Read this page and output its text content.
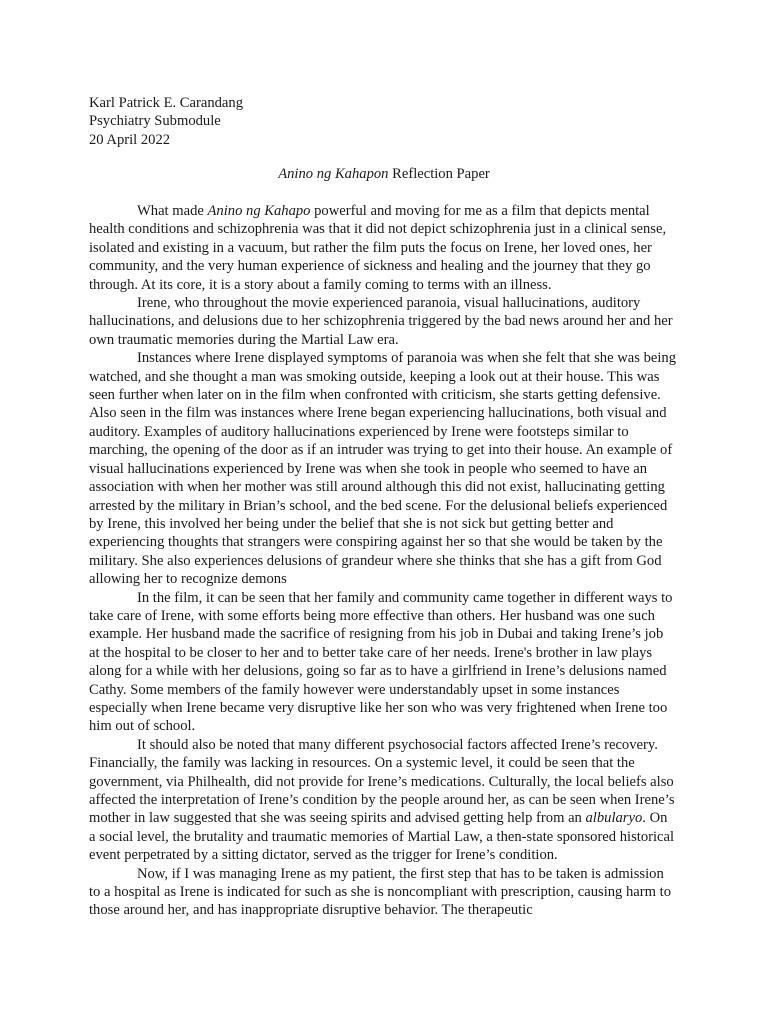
Karl Patrick E. Carandang
Psychiatry Submodule
20 April 2022
Anino ng Kahapon Reflection Paper

What made Anino ng Kahapo powerful and moving for me as a film that depicts mental health conditions and schizophrenia was that it did not depict schizophrenia just in a clinical sense, isolated and existing in a vacuum, but rather the film puts the focus on Irene, her loved ones, her community, and the very human experience of sickness and healing and the journey that they go through. At its core, it is a story about a family coming to terms with an illness.

Irene, who throughout the movie experienced paranoia, visual hallucinations, auditory hallucinations, and delusions due to her schizophrenia triggered by the bad news around her and her own traumatic memories during the Martial Law era.

Instances where Irene displayed symptoms of paranoia was when she felt that she was being watched, and she thought a man was smoking outside, keeping a look out at their house. This was seen further when later on in the film when confronted with criticism, she starts getting defensive. Also seen in the film was instances where Irene began experiencing hallucinations, both visual and auditory. Examples of auditory hallucinations experienced by Irene were footsteps similar to marching, the opening of the door as if an intruder was trying to get into their house. An example of visual hallucinations experienced by Irene was when she took in people who seemed to have an association with when her mother was still around although this did not exist, hallucinating getting arrested by the military in Brian’s school, and the bed scene. For the delusional beliefs experienced by Irene, this involved her being under the belief that she is not sick but getting better and experiencing thoughts that strangers were conspiring against her so that she would be taken by the military. She also experiences delusions of grandeur where she thinks that she has a gift from God allowing her to recognize demons

In the film, it can be seen that her family and community came together in different ways to take care of Irene, with some efforts being more effective than others. Her husband was one such example. Her husband made the sacrifice of resigning from his job in Dubai and taking Irene’s job at the hospital to be closer to her and to better take care of her needs. Irene's brother in law plays along for a while with her delusions, going so far as to have a girlfriend in Irene’s delusions named Cathy. Some members of the family however were understandably upset in some instances especially when Irene became very disruptive like her son who was very frightened when Irene too him out of school.

It should also be noted that many different psychosocial factors affected Irene’s recovery. Financially, the family was lacking in resources. On a systemic level, it could be seen that the government, via Philhealth, did not provide for Irene’s medications. Culturally, the local beliefs also affected the interpretation of Irene’s condition by the people around her, as can be seen when Irene’s mother in law suggested that she was seeing spirits and advised getting help from an albularyo. On a social level, the brutality and traumatic memories of Martial Law, a then-state sponsored historical event perpetrated by a sitting dictator, served as the trigger for Irene’s condition.

Now, if I was managing Irene as my patient, the first step that has to be taken is admission to a hospital as Irene is indicated for such as she is noncompliant with prescription, causing harm to those around her, and has inappropriate disruptive behavior. The therapeutic
